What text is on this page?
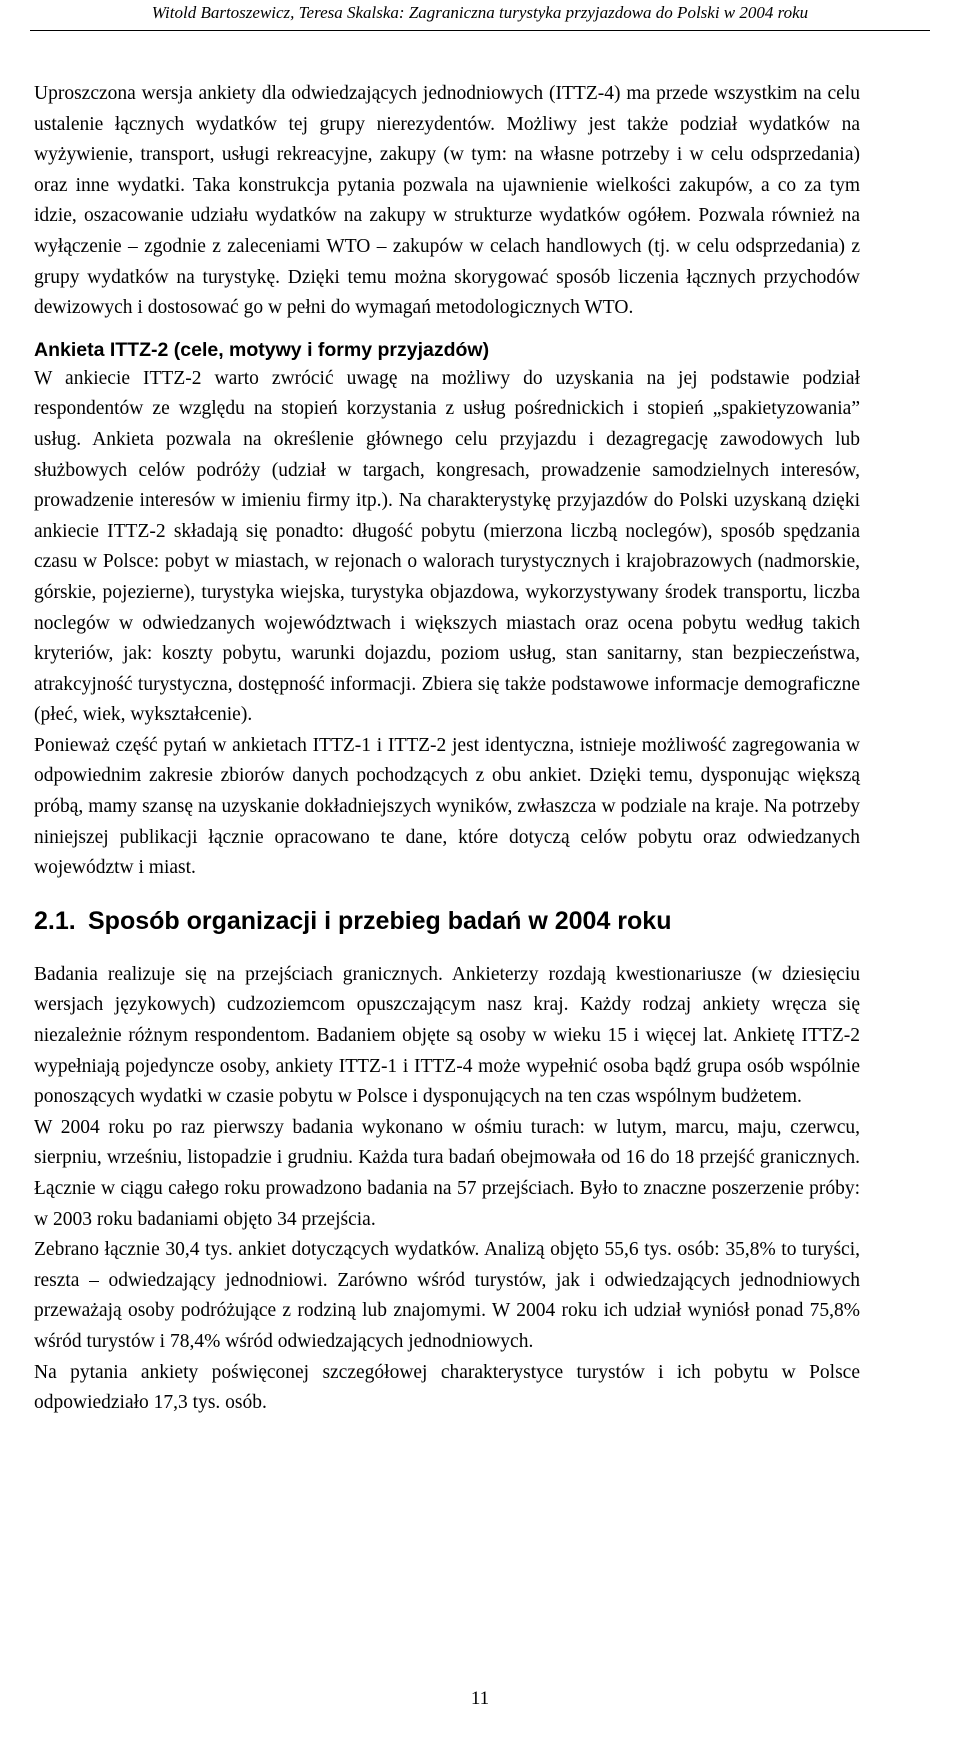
Witold Bartoszewicz, Teresa Skalska: Zagraniczna turystyka przyjazdowa do Polski w 2004 roku

Uproszczona wersja ankiety dla odwiedzających jednodniowych (ITTZ-4) ma przede wszystkim na celu ustalenie łącznych wydatków tej grupy nierezydentów. Możliwy jest także podział wydatków na wyżywienie, transport, usługi rekreacyjne, zakupy (w tym: na własne potrzeby i w celu odsprzedania) oraz inne wydatki. Taka konstrukcja pytania pozwala na ujawnienie wielkości zakupów, a co za tym idzie, oszacowanie udziału wydatków na zakupy w strukturze wydatków ogółem. Pozwala również na wyłączenie – zgodnie z zaleceniami WTO – zakupów w celach handlowych (tj. w celu odsprzedania) z grupy wydatków na turystykę. Dzięki temu można skorygować sposób liczenia łącznych przychodów dewizowych i dostosować go w pełni do wymagań metodologicznych WTO.

Ankieta ITTZ-2 (cele, motywy i formy przyjazdów)

W ankiecie ITTZ-2 warto zwrócić uwagę na możliwy do uzyskania na jej podstawie podział respondentów ze względu na stopień korzystania z usług pośrednickich i stopień „spakietyzowania” usług. Ankieta pozwala na określenie głównego celu przyjazdu i dezagregację zawodowych lub służbowych celów podróży (udział w targach, kongresach, prowadzenie samodzielnych interesów, prowadzenie interesów w imieniu firmy itp.). Na charakterystykę przyjazdów do Polski uzyskaną dzięki ankiecie ITTZ-2 składają się ponadto: długość pobytu (mierzona liczbą noclegów), sposób spędzania czasu w Polsce: pobyt w miastach, w rejonach o walorach turystycznych i krajobrazowych (nadmorskie, górskie, pojezierne), turystyka wiejska, turystyka objazdowa, wykorzystywany środek transportu, liczba noclegów w odwiedzanych województwach i większych miastach oraz ocena pobytu według takich kryteriów, jak: koszty pobytu, warunki dojazdu, poziom usług, stan sanitarny, stan bezpieczeństwa, atrakcyjność turystyczna, dostępność informacji. Zbiera się także podstawowe informacje demograficzne (płeć, wiek, wykształcenie).

Ponieważ część pytań w ankietach ITTZ-1 i ITTZ-2 jest identyczna, istnieje możliwość zagregowania w odpowiednim zakresie zbiorów danych pochodzących z obu ankiet. Dzięki temu, dysponując większą próbą, mamy szansę na uzyskanie dokładniejszych wyników, zwłaszcza w podziale na kraje. Na potrzeby niniejszej publikacji łącznie opracowano te dane, które dotyczą celów pobytu oraz odwiedzanych województw i miast.

2.1. Sposób organizacji i przebieg badań w 2004 roku

Badania realizuje się na przejściach granicznych. Ankieterzy rozdają kwestionariusze (w dziesięciu wersjach językowych) cudzoziemcom opuszczającym nasz kraj. Każdy rodzaj ankiety wręcza się niezależnie różnym respondentom. Badaniem objęte są osoby w wieku 15 i więcej lat. Ankietę ITTZ-2 wypełniają pojedyncze osoby, ankiety ITTZ-1 i ITTZ-4 może wypełnić osoba bądź grupa osób wspólnie ponoszących wydatki w czasie pobytu w Polsce i dysponujących na ten czas wspólnym budżetem.

W 2004 roku po raz pierwszy badania wykonano w ośmiu turach: w lutym, marcu, maju, czerwcu, sierpniu, wrześniu, listopadzie i grudniu. Każda tura badań obejmowała od 16 do 18 przejść granicznych. Łącznie w ciągu całego roku prowadzono badania na 57 przejściach. Było to znaczne poszerzenie próby: w 2003 roku badaniami objęto 34 przejścia.

Zebrano łącznie 30,4 tys. ankiet dotyczących wydatków. Analizą objęto 55,6 tys. osób: 35,8% to turyści, reszta – odwiedzający jednodniowi. Zarówno wśród turystów, jak i odwiedzających jednodniowych przeważają osoby podróżujące z rodziną lub znajomymi. W 2004 roku ich udział wyniósł ponad 75,8% wśród turystów i 78,4% wśród odwiedzających jednodniowych.

Na pytania ankiety poświęconej szczegółowej charakterystyce turystów i ich pobytu w Polsce odpowiedziało 17,3 tys. osób.

11
